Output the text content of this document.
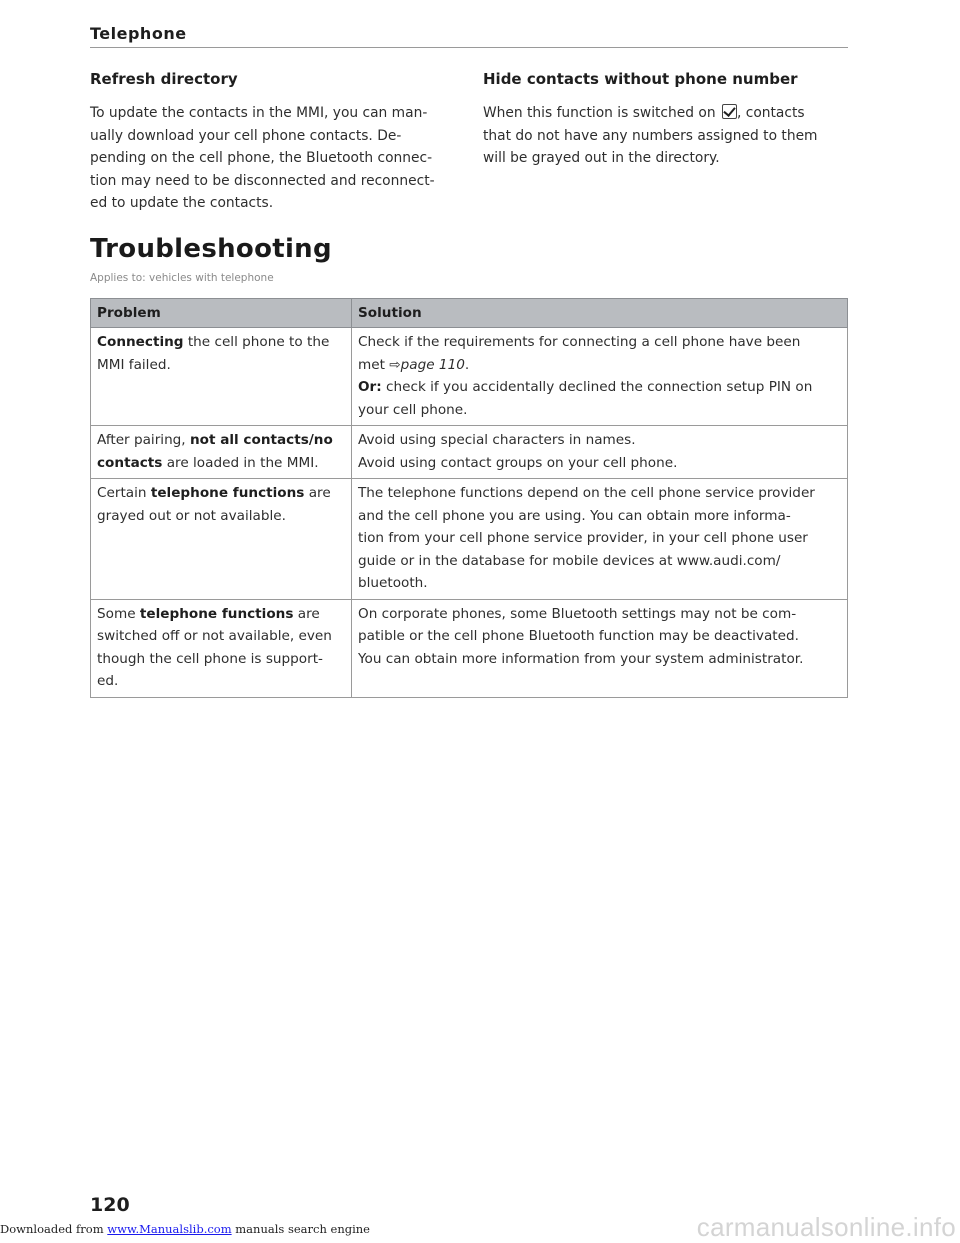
Telephone
Refresh directory

To update the contacts in the MMI, you can man-
ually download your cell phone contacts. De-
pending on the cell phone, the Bluetooth connec-
tion may need to be disconnected and reconnect-
ed to update the contacts.

Hide contacts without phone number

When this function is switched on , contacts
that do not have any numbers assigned to them
will be grayed out in the directory.

Troubleshooting
Applies to: vehicles with telephone
Problem	Solution

Connecting the cell phone to the
MMI failed.	Check if the requirements for connecting a cell phone have been
met ⇨page 110.
Or: check if you accidentally declined the connection setup PIN on
your cell phone.

After pairing, not all contacts/no
contacts are loaded in the MMI.	Avoid using special characters in names.
Avoid using contact groups on your cell phone.

Certain telephone functions are
grayed out or not available.	The telephone functions depend on the cell phone service provider
and the cell phone you are using. You can obtain more informa-
tion from your cell phone service provider, in your cell phone user
guide or in the database for mobile devices at www.audi.com/
bluetooth.

Some telephone functions are
switched off or not available, even
though the cell phone is support-
ed.	On corporate phones, some Bluetooth settings may not be com-
patible or the cell phone Bluetooth function may be deactivated.
You can obtain more information from your system administrator.
120
Downloaded from www.Manualslib.com manuals search engine	carmanualsonline.info
